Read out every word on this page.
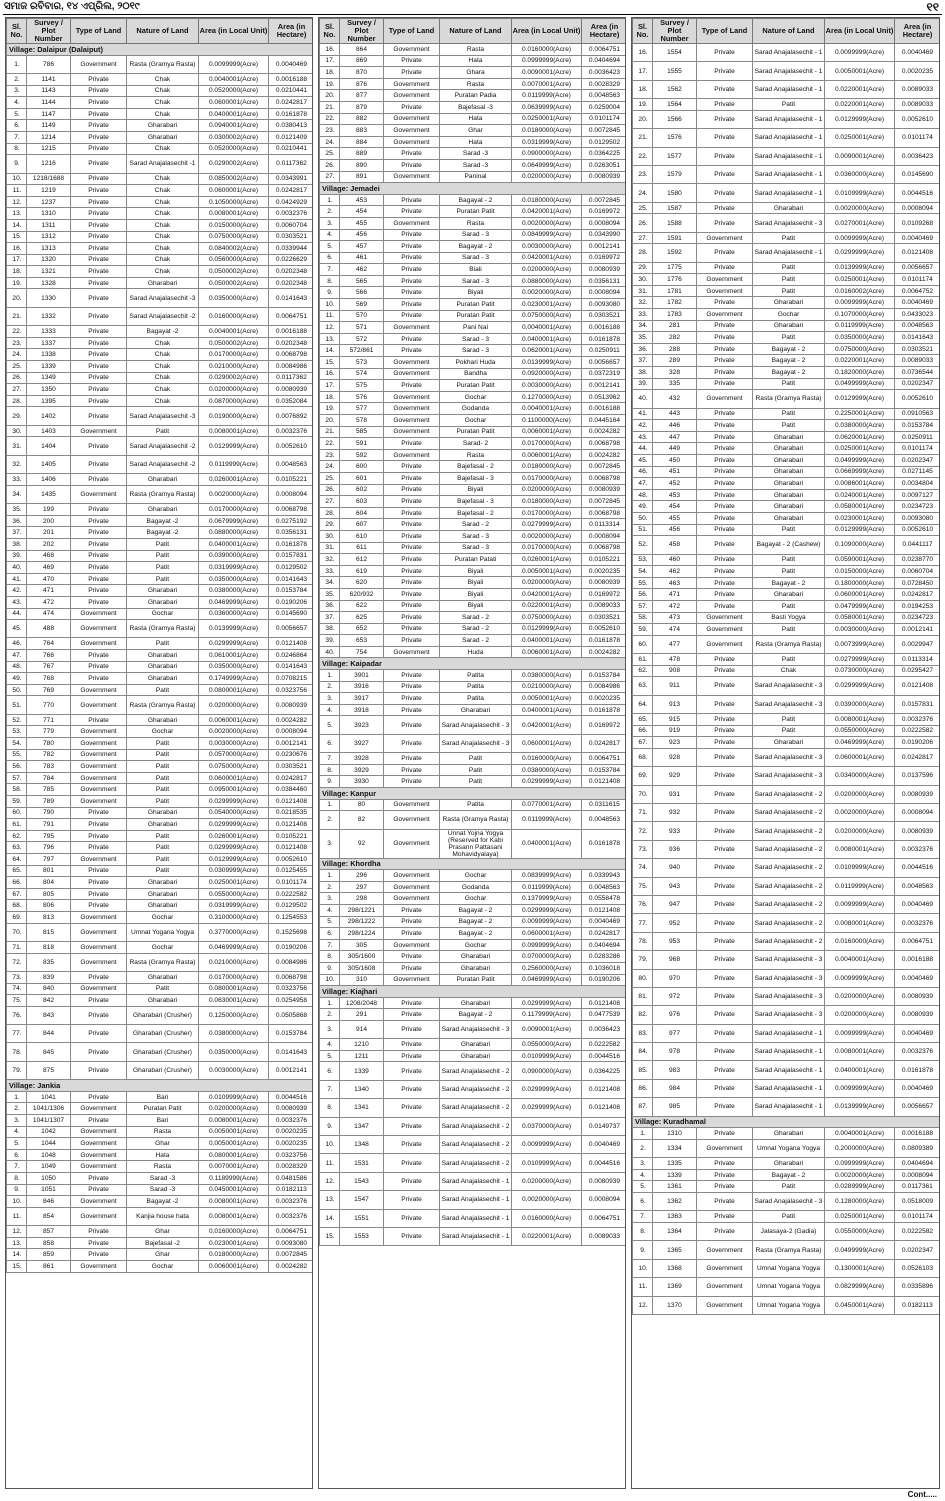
ସମାଜ ରବିବାର, ୧୪ ଏପ୍ରିଲ, ୨୦୧୯	୧୧
Sl. No.	Survey / Plot Number	Type of Land	Nature of Land	Area (in Local Unit)	Area (in Hectare)
Village: Dalaipur (Dalaiput)					
1.	786	Government	Rasta (Gramya Rasta)	0.0099999(Acre)	0.0040469
2.	1141	Private	Chak	0.0040001(Acre)	0.0016188
3.	1143	Private	Chak	0.0520000(Acre)	0.0210441
4.	1144	Private	Chak	0.0600001(Acre)	0.0242817
5.	1147	Private	Chak	0.0400001(Acre)	0.0161878
6.	1149	Private	Gharabari	0.0940001(Acre)	0.0380413
7.	1214	Private	Gharabari	0.0300002(Acre)	0.0121409
8.	1215	Private	Chak	0.0520000(Acre)	0.0210441
9.	1216	Private	Sarad Anajalasechit -1	0.0290002(Acre)	0.0117362
10.	1218/1688	Private	Chak	0.0850002(Acre)	0.0343991
11.	1219	Private	Chak	0.0600001(Acre)	0.0242817
12.	1237	Private	Chak	0.1050000(Acre)	0.0424929
13.	1310	Private	Chak	0.0080001(Acre)	0.0032376
14.	1311	Private	Chak	0.0150000(Acre)	0.0060704
15.	1312	Private	Chak	0.0750000(Acre)	0.0303521
16.	1313	Private	Chak	0.0840002(Acre)	0.0339944
17.	1320	Private	Chak	0.0560000(Acre)	0.0226629
18.	1321	Private	Chak	0.0500002(Acre)	0.0202348
19.	1328	Private	Gharabari	0.0500002(Acre)	0.0202348
20.	1330	Private	Sarad Anajalasechit -3	0.0350000(Acre)	0.0141643
21.	1332	Private	Sarad Anajalasechit -2	0.0160000(Acre)	0.0064751
22.	1333	Private	Bagayat -2	0.0040001(Acre)	0.0016188
23.	1337	Private	Chak	0.0500002(Acre)	0.0202348
24.	1338	Private	Chak	0.0170000(Acre)	0.0068798
25.	1339	Private	Chak	0.0210000(Acre)	0.0084986
26.	1349	Private	Chak	0.0290002(Acre)	0.0117362
27.	1350	Private	Chak	0.0200000(Acre)	0.0080939
28.	1395	Private	Chak	0.0870000(Acre)	0.0352084
29.	1402	Private	Sarad Anajalasechit -3	0.0190000(Acre)	0.0076892
30.	1403	Government	Patit	0.0080001(Acre)	0.0032376
31.	1404	Private	Sarad Anajalasechit -2	0.0129999(Acre)	0.0052610
32.	1405	Private	Sarad Anajalasechit -2	0.0119999(Acre)	0.0048563
33.	1406	Private	Gharabari	0.0260001(Acre)	0.0105221
34.	1435	Government	Rasta (Gramya Rasta)	0.0020000(Acre)	0.0008094
35.	199	Private	Gharabari	0.0170000(Acre)	0.0068798
36.	200	Private	Bagayat -2	0.0679999(Acre)	0.0275192
37.	201	Private	Bagayat -2	0.0880000(Acre)	0.0356131
38.	202	Private	Patit	0.0400001(Acre)	0.0161878
39.	468	Private	Patit	0.0390000(Acre)	0.0157831
40.	469	Private	Patit	0.0319999(Acre)	0.0129502
41.	470	Private	Patit	0.0350000(Acre)	0.0141643
42.	471	Private	Gharabari	0.0380000(Acre)	0.0153784
43.	472	Private	Gharabari	0.0469999(Acre)	0.0190206
44.	474	Government	Gochar	0.0360000(Acre)	0.0145690
45.	488	Government	Rasta (Gramya Rasta)	0.0139999(Acre)	0.0056657
46.	764	Government	Patit	0.0299999(Acre)	0.0121408
47.	766	Private	Gharabari	0.0610001(Acre)	0.0246864
48.	767	Private	Gharabari	0.0350000(Acre)	0.0141643
49.	768	Private	Gharabari	0.1749999(Acre)	0.0708215
50.	769	Government	Patit	0.0800001(Acre)	0.0323756
51.	770	Government	Rasta (Gramya Rasta)	0.0200000(Acre)	0.0080939
52.	771	Private	Gharabari	0.0060001(Acre)	0.0024282
53.	779	Government	Gochar	0.0020000(Acre)	0.0008094
54.	780	Government	Patit	0.0030000(Acre)	0.0012141
55.	782	Government	Patit	0.0570000(Acre)	0.0230676
56.	783	Government	Patit	0.0750000(Acre)	0.0303521
57.	784	Government	Patit	0.0600001(Acre)	0.0242817
58.	785	Government	Patit	0.0950001(Acre)	0.0384460
59.	789	Government	Patit	0.0299999(Acre)	0.0121408
60.	790	Private	Gharabari	0.0540000(Acre)	0.0218535
61.	791	Private	Gharabari	0.0299999(Acre)	0.0121408
62.	795	Private	Patit	0.0260001(Acre)	0.0105221
63.	796	Private	Patit	0.0299999(Acre)	0.0121408
64.	797	Government	Patit	0.0129999(Acre)	0.0052610
65.	801	Private	Patit	0.0309999(Acre)	0.0125455
66.	804	Private	Gharabari	0.0250001(Acre)	0.0101174
67.	805	Private	Gharabari	0.0550000(Acre)	0.0222582
68.	806	Private	Gharabari	0.0319999(Acre)	0.0129502
69.	813	Government	Gochar	0.3100000(Acre)	0.1254553
70.	815	Government	Umnat Yogana Yogya	0.3770000(Acre)	0.1525698
71.	818	Government	Gochar	0.0469999(Acre)	0.0190206
72.	835	Government	Rasta (Gramya Rasta)	0.0210000(Acre)	0.0084986
73.	839	Private	Gharabari	0.0170000(Acre)	0.0068798
74.	840	Government	Patit	0.0800001(Acre)	0.0323756
75.	842	Private	Gharabari	0.0630001(Acre)	0.0254958
76.	843	Private	Gharabari (Crusher)	0.1250000(Acre)	0.0505868
77.	844	Private	Gharabari (Crusher)	0.0380000(Acre)	0.0153784
78.	845	Private	Gharabari (Crusher)	0.0350000(Acre)	0.0141643
79.	875	Private	Gharabari (Crusher)	0.0030000(Acre)	0.0012141
Village: Jankia					
1.	1041	Private	Bari	0.0109999(Acre)	0.0044516
2.	1041/1306	Government	Puratan Patit	0.0200000(Acre)	0.0080939
3.	1041/1307	Private	Bari	0.0080001(Acre)	0.0032376
4.	1042	Government	Rasta	0.0050001(Acre)	0.0020235
5.	1044	Government	Ghar	0.0050001(Acre)	0.0020235
6.	1048	Government	Hata	0.0800001(Acre)	0.0323756
7.	1049	Government	Rasta	0.0070001(Acre)	0.0028329
8.	1050	Private	Sarad -3	0.1189999(Acre)	0.0481586
9.	1051	Private	Sarad -3	0.0450001(Acre)	0.0182113
10.	846	Government	Bagayat -2	0.0080001(Acre)	0.0032376
11.	854	Government	Kanjia house hata	0.0080001(Acre)	0.0032376
12.	857	Private	Ghar	0.0160000(Acre)	0.0064751
13.	858	Private	Bajefasal -2	0.0230001(Acre)	0.0093080
14.	859	Private	Ghar	0.0180000(Acre)	0.0072845
15.	861	Government	Gochar	0.0060001(Acre)	0.0024282
Sl. No.	Survey / Plot Number	Type of Land	Nature of Land	Area (in Local Unit)	Area (in Hectare)
16.	864	Government	Rasta	0.0160000(Acre)	0.0064751
17.	869	Private	Hata	0.0999999(Acre)	0.0404694
18.	870	Private	Ghara	0.0090001(Acre)	0.0036423
19.	876	Government	Rasta	0.0070001(Acre)	0.0028329
20.	877	Government	Puratan Padia	0.0119999(Acre)	0.0048563
21.	879	Private	Bajefasal -3	0.0639999(Acre)	0.0259004
22.	882	Government	Hata	0.0250001(Acre)	0.0101174
23.	883	Government	Ghar	0.0180000(Acre)	0.0072845
24.	884	Government	Hata	0.0319999(Acre)	0.0129502
25.	889	Private	Sarad -3	0.0900000(Acre)	0.0364225
26.	890	Private	Sarad -3	0.0649999(Acre)	0.0263051
27.	891	Government	Paninal	0.0200000(Acre)	0.0080939
Village: Jemadei					
1.	453	Private	Bagayat - 2	0.0180000(Acre)	0.0072845
2.	454	Private	Puratan Patit	0.0420001(Acre)	0.0169972
3.	455	Government	Rasta	0.0020000(Acre)	0.0008094
4.	456	Private	Sarad - 3	0.0849999(Acre)	0.0343990
5.	457	Private	Bagayat - 2	0.0030000(Acre)	0.0012141
6.	461	Private	Sarad - 3	0.0420001(Acre)	0.0169972
7.	462	Private	Biali	0.0200000(Acre)	0.0080939
8.	565	Private	Sarad - 3	0.0880000(Acre)	0.0356131
9.	566	Private	Biyali	0.0020000(Acre)	0.0008094
10.	569	Private	Puratan Patit	0.0230001(Acre)	0.0093080
11.	570	Private	Puratan Patit	0.0750000(Acre)	0.0303521
12.	571	Government	Pani Nal	0.0040001(Acre)	0.0016188
13.	572	Private	Sarad - 3	0.0400001(Acre)	0.0161878
14.	572/861	Private	Sarad - 3	0.0620001(Acre)	0.0250911
15.	573	Government	Pokhari Huda	0.0139999(Acre)	0.0056657
16.	574	Government	Bandha	0.0920000(Acre)	0.0372319
17.	575	Private	Puratan Patit	0.0030000(Acre)	0.0012141
18.	576	Government	Gochar	0.1270000(Acre)	0.0513962
19.	577	Government	Godanda	0.0040001(Acre)	0.0016188
20.	578	Government	Gochar	0.1100000(Acre)	0.0445164
21.	585	Government	Puratan Patit	0.0060001(Acre)	0.0024282
22.	591	Private	Sarad- 2	0.0170000(Acre)	0.0068798
23.	592	Government	Rasta	0.0060001(Acre)	0.0024282
24.	600	Private	Bajefasal - 2	0.0180000(Acre)	0.0072845
25.	601	Private	Bajefasal - 3	0.0170000(Acre)	0.0068798
26.	602	Private	Biyali	0.0200000(Acre)	0.0080939
27.	603	Private	Bajefasal - 3	0.0180000(Acre)	0.0072845
28.	604	Private	Bajefasal - 2	0.0170000(Acre)	0.0068798
29.	607	Private	Sarad - 2	0.0279999(Acre)	0.0113314
30.	610	Private	Sarad - 3	0.0020000(Acre)	0.0008094
31.	611	Private	Sarad - 3	0.0170000(Acre)	0.0068798
32.	612	Private	Puratan Patati	0.0260001(Acre)	0.0105221
33.	619	Private	Biyali	0.0050001(Acre)	0.0020235
34.	620	Private	Biyali	0.0200000(Acre)	0.0080939
35.	620/932	Private	Biyali	0.0420001(Acre)	0.0169972
36.	622	Private	Biyali	0.0220001(Acre)	0.0089033
37.	625	Private	Sarad - 2	0.0750000(Acre)	0.0303521
38.	652	Private	Sarad - 2	0.0129999(Acre)	0.0052610
39.	653	Private	Sarad - 2	0.0400001(Acre)	0.0161878
40.	754	Government	Huda	0.0060001(Acre)	0.0024282
Village: Kaipadar					
1.	3901	Private	Patita	0.0380000(Acre)	0.0153784
2.	3916	Private	Patita	0.0210000(Acre)	0.0084986
3.	3917	Private	Patita	0.0050001(Acre)	0.0020235
4.	3918	Private	Gharabari	0.0400001(Acre)	0.0161878
5.	3923	Private	Sarad Anajalasechit - 3	0.0420001(Acre)	0.0169972
6.	3927	Private	Sarad Anajalasechit - 3	0.0600001(Acre)	0.0242817
7.	3928	Private	Patit	0.0160000(Acre)	0.0064751
8.	3929	Private	Patit	0.0380000(Acre)	0.0153784
9.	3930	Private	Patit	0.0299999(Acre)	0.0121408
Village: Kanpur					
1.	80	Government	Patita	0.0770001(Acre)	0.0311615
2.	82	Government	Rasta (Gramya Rasta)	0.0119999(Acre)	0.0048563
3.	92	Government	Unnat Yojna Yogya (Reserved for Kabi Prasann Pattasani Mohavidyalaya)	0.0400001(Acre)	0.0161878
Village: Khordha					
1.	296	Government	Gochar	0.0839999(Acre)	0.0339943
2.	297	Government	Godanda	0.0119999(Acre)	0.0048563
3.	298	Government	Gochar	0.1379999(Acre)	0.0558478
4.	298/1221	Private	Bagayat - 2	0.0299999(Acre)	0.0121408
5.	298/1222	Private	Bagayat - 2	0.0099999(Acre)	0.0040469
6.	298/1224	Private	Bagayat - 2	0.0600001(Acre)	0.0242817
7.	305	Government	Gochar	0.0999999(Acre)	0.0404694
8.	305/1600	Private	Gharabari	0.0700000(Acre)	0.0283286
9.	305/1608	Private	Gharabari	0.2560000(Acre)	0.1036018
10.	310	Government	Puratan Patit	0.0469999(Acre)	0.0190206
Village: Kiajhari					
1.	1208/2048	Private	Gharabari	0.0299999(Acre)	0.0121408
2.	291	Private	Bagayat - 2	0.1179999(Acre)	0.0477539
3.	914	Private	Sarad Anajalasechit - 3	0.0090001(Acre)	0.0036423
4.	1210	Private	Gharabari	0.0550000(Acre)	0.0222582
5.	1211	Private	Gharabari	0.0109999(Acre)	0.0044516
6.	1339	Private	Sarad Anajalasechit - 2	0.0900000(Acre)	0.0364225
7.	1340	Private	Sarad Anajalasechit - 2	0.0299999(Acre)	0.0121408
8.	1341	Private	Sarad Anajalasechit - 2	0.0299999(Acre)	0.0121408
9.	1347	Private	Sarad Anajalasechit - 2	0.0370000(Acre)	0.0149737
10.	1348	Private	Sarad Anajalasechit - 2	0.0099999(Acre)	0.0040469
11.	1531	Private	Sarad Anajalasechit - 2	0.0109999(Acre)	0.0044516
12.	1543	Private	Sarad Anajalasechit - 1	0.0200000(Acre)	0.0080939
13.	1547	Private	Sarad Anajalasechit - 1	0.0020000(Acre)	0.0008094
14.	1551	Private	Sarad Anajalasechit - 1	0.0160000(Acre)	0.0064751
15.	1553	Private	Sarad Anajalasechit - 1	0.0220001(Acre)	0.0089033
Sl. No.	Survey / Plot Number	Type of Land	Nature of Land	Area (in Local Unit)	Area (in Hectare)
16.	1554	Private	Sarad Anajalasechit - 1	0.0099999(Acre)	0.0040469
17.	1555	Private	Sarad Anajalasechit - 1	0.0050001(Acre)	0.0020235
18.	1562	Private	Sarad Anajalasechit - 1	0.0220001(Acre)	0.0089033
19.	1564	Private	Patit	0.0220001(Acre)	0.0089033
20.	1566	Private	Sarad Anajalasechit - 1	0.0129999(Acre)	0.0052610
21.	1576	Private	Sarad Anajalasechit - 1	0.0250001(Acre)	0.0101174
22.	1577	Private	Sarad Anajalasechit - 1	0.0090001(Acre)	0.0036423
23.	1579	Private	Sarad Anajalasechit - 1	0.0360000(Acre)	0.0145690
24.	1580	Private	Sarad Anajalasechit - 1	0.0109999(Acre)	0.0044516
25.	1587	Private	Gharabari	0.0020000(Acre)	0.0008094
26.	1588	Private	Sarad Anajalasechit - 3	0.0270001(Acre)	0.0109268
27.	1591	Government	Patit	0.0099999(Acre)	0.0040469
28.	1592	Private	Sarad Anajalasechit - 1	0.0299999(Acre)	0.0121408
29.	1775	Private	Patit	0.0139999(Acre)	0.0056657
30.	1776	Government	Patit	0.0250001(Acre)	0.0101174
31.	1781	Government	Patit	0.0160002(Acre)	0.0064752
32.	1782	Private	Gharabari	0.0099999(Acre)	0.0040469
33.	1783	Government	Gochar	0.1070000(Acre)	0.0433023
34.	281	Private	Gharabari	0.0119999(Acre)	0.0048563
35.	282	Private	Patit	0.0350000(Acre)	0.0141643
36.	288	Private	Bagayat - 2	0.0750000(Acre)	0.0303521
37.	289	Private	Bagayat - 2	0.0220001(Acre)	0.0089033
38.	328	Private	Bagayat - 2	0.1820000(Acre)	0.0736544
39.	335	Private	Patit	0.0499999(Acre)	0.0202347
40.	432	Government	Rasta (Gramya Rasta)	0.0129999(Acre)	0.0052610
41.	443	Private	Patit	0.2250001(Acre)	0.0910563
42.	446	Private	Patit	0.0380000(Acre)	0.0153784
43.	447	Private	Gharabari	0.0620001(Acre)	0.0250911
44.	449	Private	Gharabari	0.0250001(Acre)	0.0101174
45.	450	Private	Gharabari	0.0499999(Acre)	0.0202347
46.	451	Private	Gharabari	0.0669999(Acre)	0.0271145
47.	452	Private	Gharabari	0.0086001(Acre)	0.0034804
48.	453	Private	Gharabari	0.0240001(Acre)	0.0097127
49.	454	Private	Gharabari	0.0580001(Acre)	0.0234723
50.	455	Private	Gharabari	0.0230001(Acre)	0.0093080
51.	456	Private	Patit	0.0129999(Acre)	0.0052610
52.	458	Private	Bagayat - 2 (Cashew)	0.1090000(Acre)	0.0441117
53.	460	Private	Patit	0.0590001(Acre)	0.0238770
54.	462	Private	Patit	0.0150000(Acre)	0.0060704
55.	463	Private	Bagayat - 2	0.1800000(Acre)	0.0728450
56.	471	Private	Gharabari	0.0600001(Acre)	0.0242817
57.	472	Private	Patit	0.0479999(Acre)	0.0194253
58.	473	Government	Basti Yogya	0.0580001(Acre)	0.0234723
59.	474	Government	Patit	0.0030000(Acre)	0.0012141
60.	477	Government	Rasta (Gramya Rasta)	0.0073999(Acre)	0.0029947
61.	478	Private	Patit	0.0279999(Acre)	0.0113314
62.	908	Private	Chak	0.0730000(Acre)	0.0295427
63.	911	Private	Sarad Anajalasechit - 3	0.0299999(Acre)	0.0121408
64.	913	Private	Sarad Anajalasechit - 3	0.0390000(Acre)	0.0157831
65.	915	Private	Patit	0.0080001(Acre)	0.0032376
66.	919	Private	Patit	0.0550000(Acre)	0.0222582
67.	923	Private	Gharabari	0.0469999(Acre)	0.0190206
68.	928	Private	Sarad Anajalasechit - 3	0.0600001(Acre)	0.0242817
69.	929	Private	Sarad Anajalasechit - 3	0.0340000(Acre)	0.0137596
70.	931	Private	Sarad Anajalasechit - 2	0.0200000(Acre)	0.0080939
71.	932	Private	Sarad Anajalasechit - 2	0.0020000(Acre)	0.0008094
72.	933	Private	Sarad Anajalasechit - 2	0.0200000(Acre)	0.0080939
73.	936	Private	Sarad Anajalasechit - 2	0.0080001(Acre)	0.0032376
74.	940	Private	Sarad Anajalasechit - 2	0.0109999(Acre)	0.0044516
75.	943	Private	Sarad Anajalasechit - 2	0.0119999(Acre)	0.0048563
76.	947	Private	Sarad Anajalasechit - 2	0.0099999(Acre)	0.0040469
77.	952	Private	Sarad Anajalasechit - 2	0.0080001(Acre)	0.0032376
78.	953	Private	Sarad Anajalasechit - 2	0.0160000(Acre)	0.0064751
79.	968	Private	Sarad Anajalasechit - 3	0.0040001(Acre)	0.0016188
80.	970	Private	Sarad Anajalasechit - 3	0.0099999(Acre)	0.0040469
81.	972	Private	Sarad Anajalasechit - 3	0.0200000(Acre)	0.0080939
82.	976	Private	Sarad Anajalasechit - 3	0.0200000(Acre)	0.0080939
83.	977	Private	Sarad Anajalasechit - 1	0.0099999(Acre)	0.0040469
84.	978	Private	Sarad Anajalasechit - 1	0.0080001(Acre)	0.0032376
85.	983	Private	Sarad Anajalasechit - 1	0.0400001(Acre)	0.0161878
86.	984	Private	Sarad Anajalasechit - 1	0.0099999(Acre)	0.0040469
87.	985	Private	Sarad Anajalasechit - 1	0.0139999(Acre)	0.0056657
Village: Kuradhamal					
1.	1310	Private	Gharabari	0.0040001(Acre)	0.0016188
2.	1334	Government	Umnat Yogana Yogya	0.2000000(Acre)	0.0809389
3.	1335	Private	Gharabari	0.0999999(Acre)	0.0404694
4.	1339	Private	Bagayat - 2	0.0020000(Acre)	0.0008094
5.	1361	Private	Patit	0.0289999(Acre)	0.0117361
6.	1362	Private	Sarad Anajalasechit - 3	0.1280000(Acre)	0.0518009
7.	1363	Private	Patit	0.0250001(Acre)	0.0101174
8.	1364	Private	Jalasaya-2 (Gadia)	0.0550000(Acre)	0.0222582
9.	1365	Government	Rasta (Gramya Rasta)	0.0499999(Acre)	0.0202347
10.	1368	Government	Umnat Yogana Yogya	0.1300001(Acre)	0.0526103
11.	1369	Government	Umnat Yogana Yogya	0.0829999(Acre)	0.0335896
12.	1370	Government	Umnat Yogana Yogya	0.0450001(Acre)	0.0182113
Cont.....
